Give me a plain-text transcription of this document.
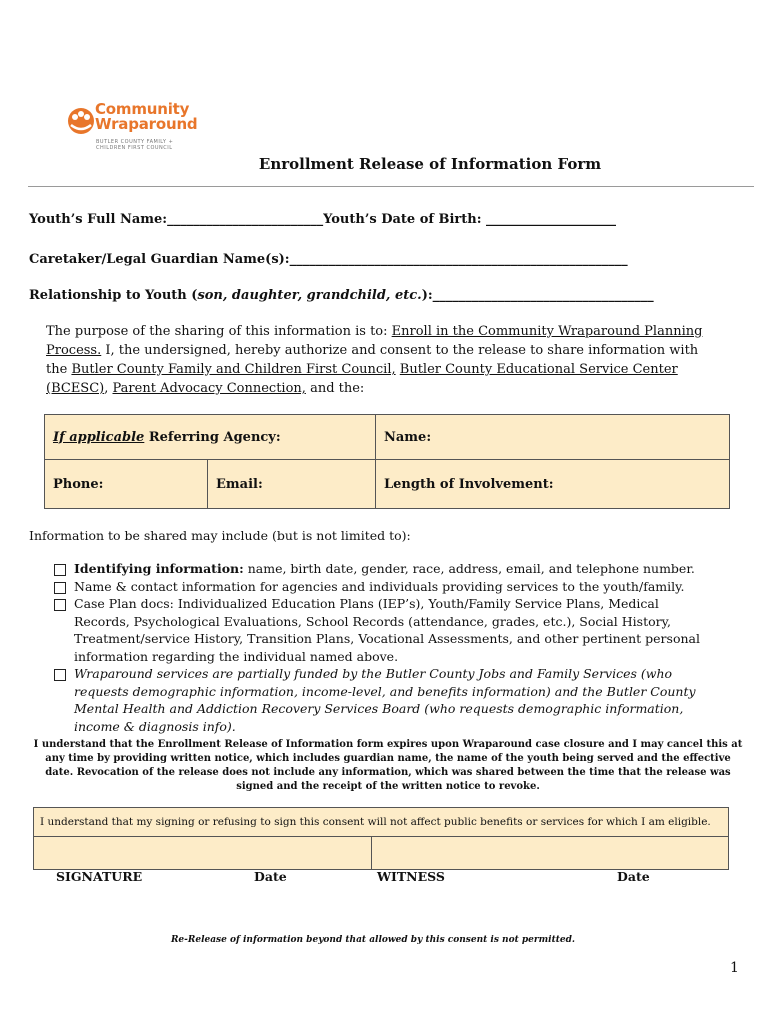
Community
Wraparound
BUTLER COUNTY FAMILY +
CHILDREN FIRST COUNCIL
Enrollment Release of Information Form
Youth’s Full Name:________________________Youth’s Date of Birth: ____________________
Caretaker/Legal Guardian Name(s):____________________________________________________
Relationship to Youth (son, daughter, grandchild, etc.):__________________________________
The purpose of the sharing of this information is to: Enroll in the Community Wraparound Planning Process. I, the undersigned, hereby authorize and consent to the release to share information with the Butler County Family and Children First Council, Butler County Educational Service Center (BCESC), Parent Advocacy Connection, and the:
If applicable Referring Agency:		Name:
Phone:	Email:	Length of Involvement:
Information to be shared may include (but is not limited to):
Identifying information: name, birth date, gender, race, address, email, and telephone number.
Name & contact information for agencies and individuals providing services to the youth/family.
Case Plan docs: Individualized Education Plans (IEP’s), Youth/Family Service Plans, Medical Records, Psychological Evaluations, School Records (attendance, grades, etc.), Social History, Treatment/service History, Transition Plans, Vocational Assessments, and other pertinent personal information regarding the individual named above.
Wraparound services are partially funded by the Butler County Jobs and Family Services (who requests demographic information, income-level, and benefits information) and the Butler County Mental Health and Addiction Recovery Services Board (who requests demographic information, income & diagnosis info).
I understand that the Enrollment Release of Information form expires upon Wraparound case closure and I may cancel this at any time by providing written notice, which includes guardian name, the name of the youth being served and the effective date. Revocation of the release does not include any information, which was shared between the time that the release was signed and the receipt of the written notice to revoke.
I understand that my signing or refusing to sign this consent will not affect public benefits or services for which I am eligible.

SIGNATURE	Date	WITNESS	Date
Re-Release of information beyond that allowed by this consent is not permitted.
1
